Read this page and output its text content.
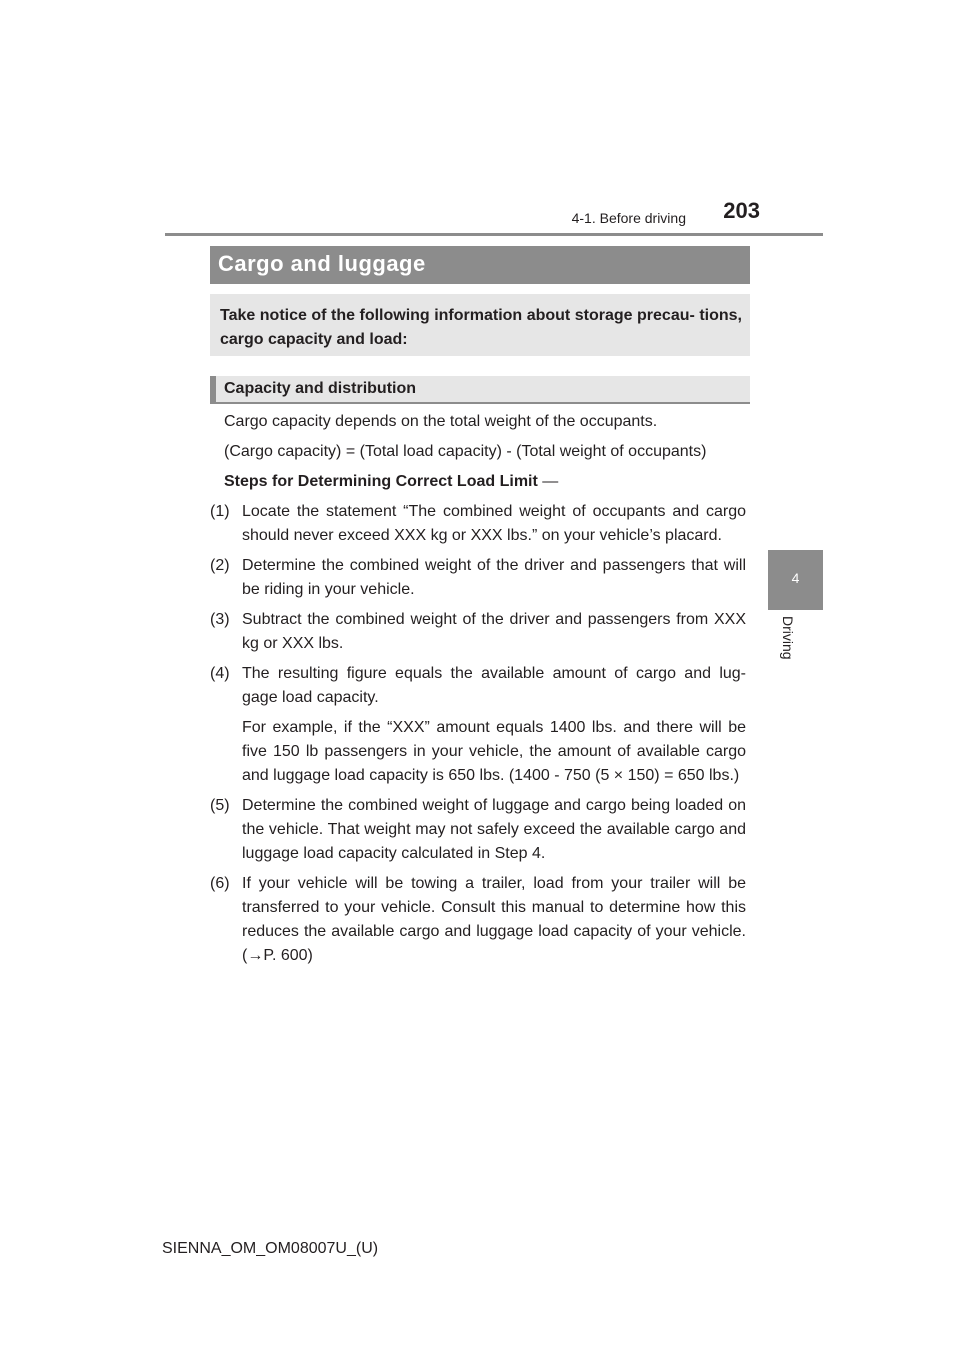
4-1. Before driving 203
4
Driving
Cargo and luggage
Take notice of the following information about storage precau- tions, cargo capacity and load:
Capacity and distribution

Cargo capacity depends on the total weight of the occupants.

(Cargo capacity) = (Total load capacity) - (Total weight of occupants)

Steps for Determining Correct Load Limit —

(1) Locate the statement “The combined weight of occupants and cargo should never exceed XXX kg or XXX lbs.” on your vehicle’s placard.
(2) Determine the combined weight of the driver and passengers that will be riding in your vehicle.
(3) Subtract the combined weight of the driver and passengers from XXX kg or XXX lbs.
(4) The resulting figure equals the available amount of cargo and lug- gage load capacity.
For example, if the “XXX” amount equals 1400 lbs. and there will be five 150 lb passengers in your vehicle, the amount of available cargo and luggage load capacity is 650 lbs. (1400 - 750 (5 × 150) = 650 lbs.)
(5) Determine the combined weight of luggage and cargo being loaded on the vehicle. That weight may not safely exceed the available cargo and luggage load capacity calculated in Step 4.
(6) If your vehicle will be towing a trailer, load from your trailer will be transferred to your vehicle. Consult this manual to determine how this reduces the available cargo and luggage load capacity of your vehicle. (→P. 600)
SIENNA_OM_OM08007U_(U)
